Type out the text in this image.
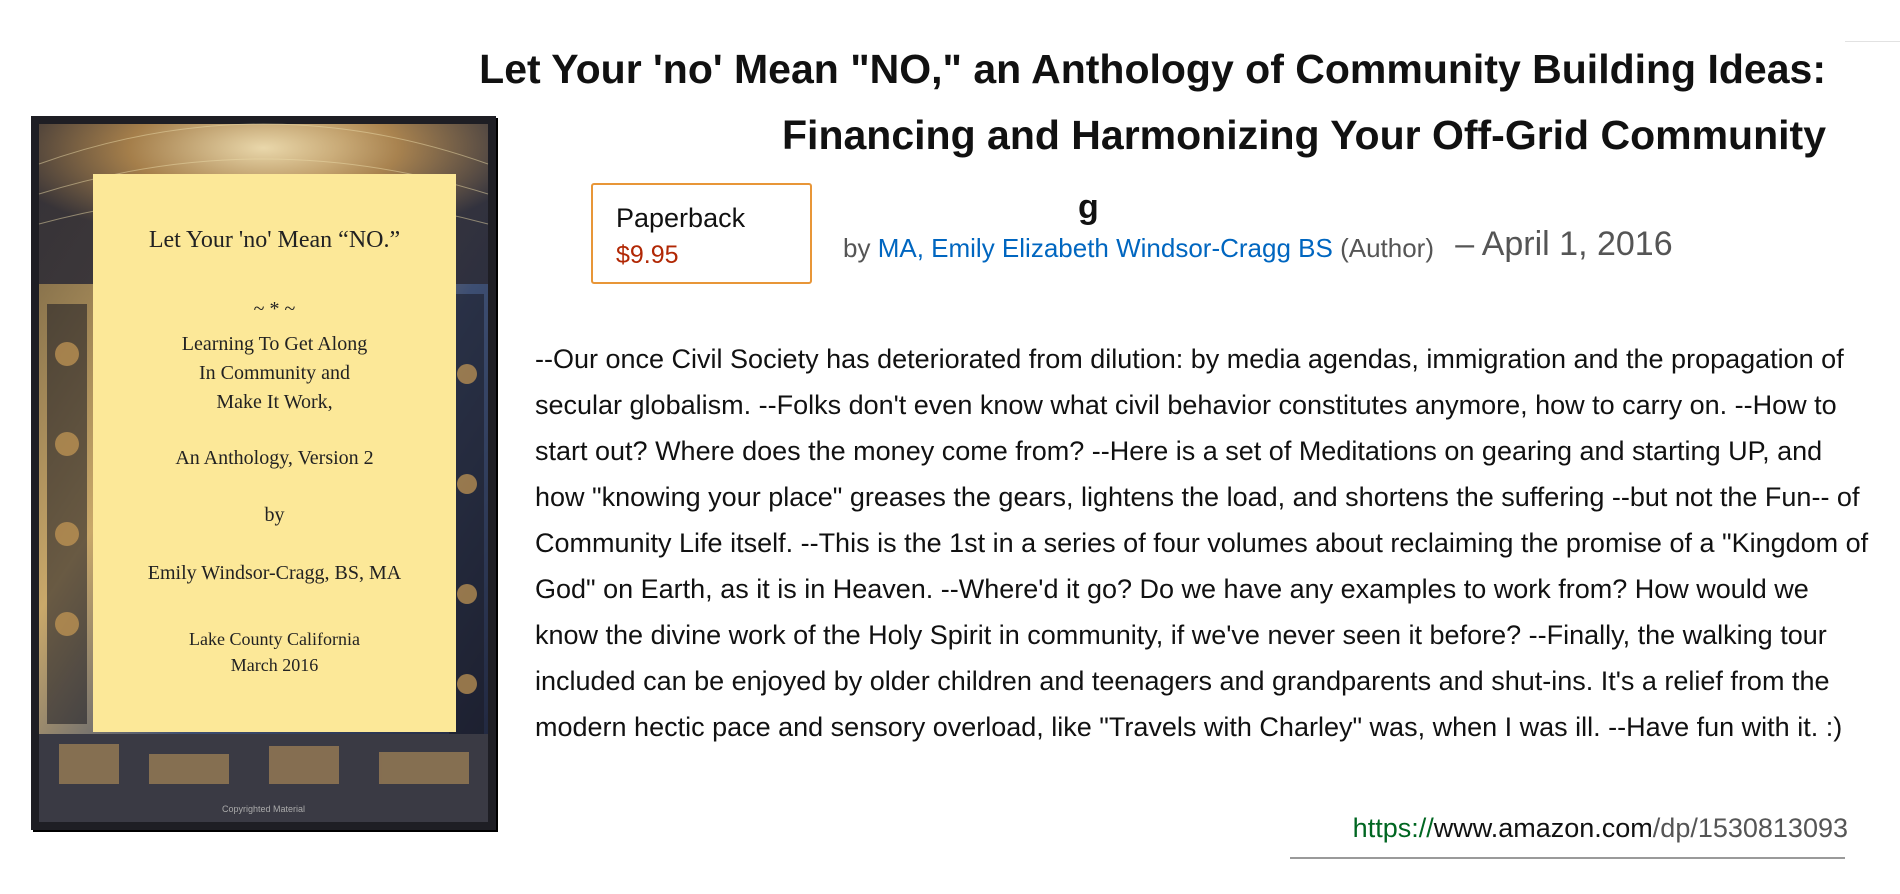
Let Your 'no' Mean "NO," an Anthology of Community Building Ideas:
Financing and Harmonizing Your Off-Grid Community
g
Let Your 'no' Mean “NO.”
~ * ~
Learning To Get Along
In Community and
Make It Work,
An Anthology, Version 2
by
Emily Windsor-Cragg, BS, MA
Lake County California
March 2016
Copyrighted Material
Paperback
$9.95	by MA, Emily Elizabeth Windsor-Cragg BS (Author) – April 1, 2016

--Our once Civil Society has deteriorated from dilution: by media agendas, immigration and the propagation of secular globalism. --Folks don't even know what civil behavior constitutes anymore, how to carry on. --How to start out? Where does the money come from? --Here is a set of Meditations on gearing and starting UP, and how "knowing your place" greases the gears, lightens the load, and shortens the suffering --but not the Fun-- of Community Life itself. --This is the 1st in a series of four volumes about reclaiming the promise of a "Kingdom of God" on Earth, as it is in Heaven. --Where'd it go? Do we have any examples to work from? How would we know the divine work of the Holy Spirit in community, if we've never seen it before? --Finally, the walking tour included can be enjoyed by older children and teenagers and grandparents and shut-ins. It's a relief from the modern hectic pace and sensory overload, like "Travels with Charley" was, when I was ill. --Have fun with it. :)

https://www.amazon.com/dp/1530813093
